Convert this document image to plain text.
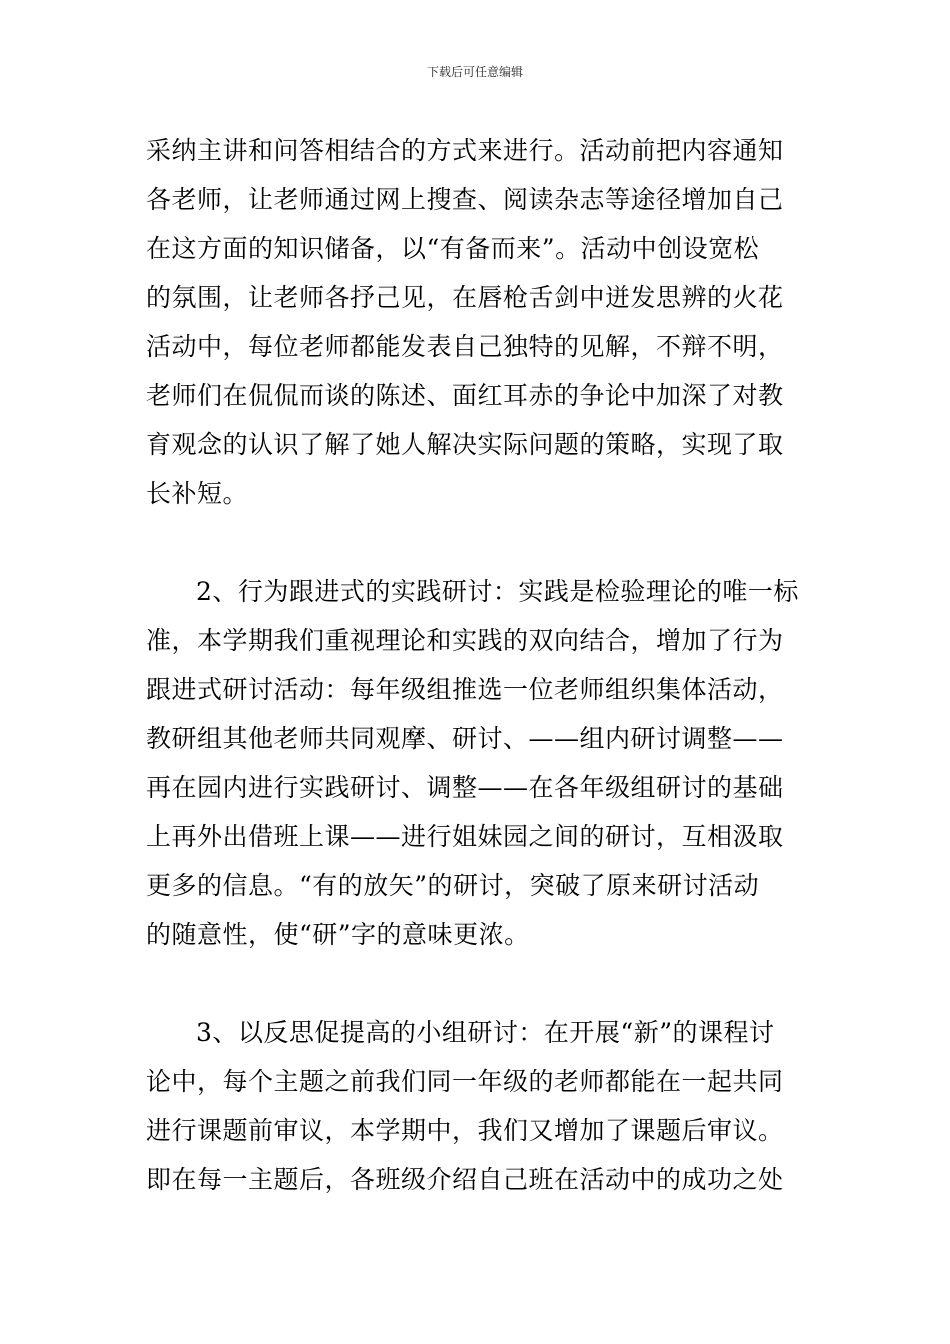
下载后可任意编辑
采纳主讲和问答相结合的方式来进行。活动前把内容通知
各老师，让老师通过网上搜查、阅读杂志等途径增加自己
在这方面的知识储备，以“有备而来”。活动中创设宽松
的氛围，让老师各抒己见，在唇枪舌剑中迸发思辨的火花
活动中，每位老师都能发表自己独特的见解，不辩不明，
老师们在侃侃而谈的陈述、面红耳赤的争论中加深了对教
育观念的认识了解了她人解决实际问题的策略，实现了取
长补短。
2、行为跟进式的实践研讨：实践是检验理论的唯一标
准，本学期我们重视理论和实践的双向结合，增加了行为
跟进式研讨活动：每年级组推选一位老师组织集体活动，
教研组其他老师共同观摩、研讨、——组内研讨调整——
再在园内进行实践研讨、调整——在各年级组研讨的基础
上再外出借班上课——进行姐妹园之间的研讨，互相汲取
更多的信息。“有的放矢”的研讨，突破了原来研讨活动
的随意性，使“研”字的意味更浓。
3、以反思促提高的小组研讨：在开展“新”的课程讨
论中，每个主题之前我们同一年级的老师都能在一起共同
进行课题前审议，本学期中，我们又增加了课题后审议。
即在每一主题后，各班级介绍自己班在活动中的成功之处
